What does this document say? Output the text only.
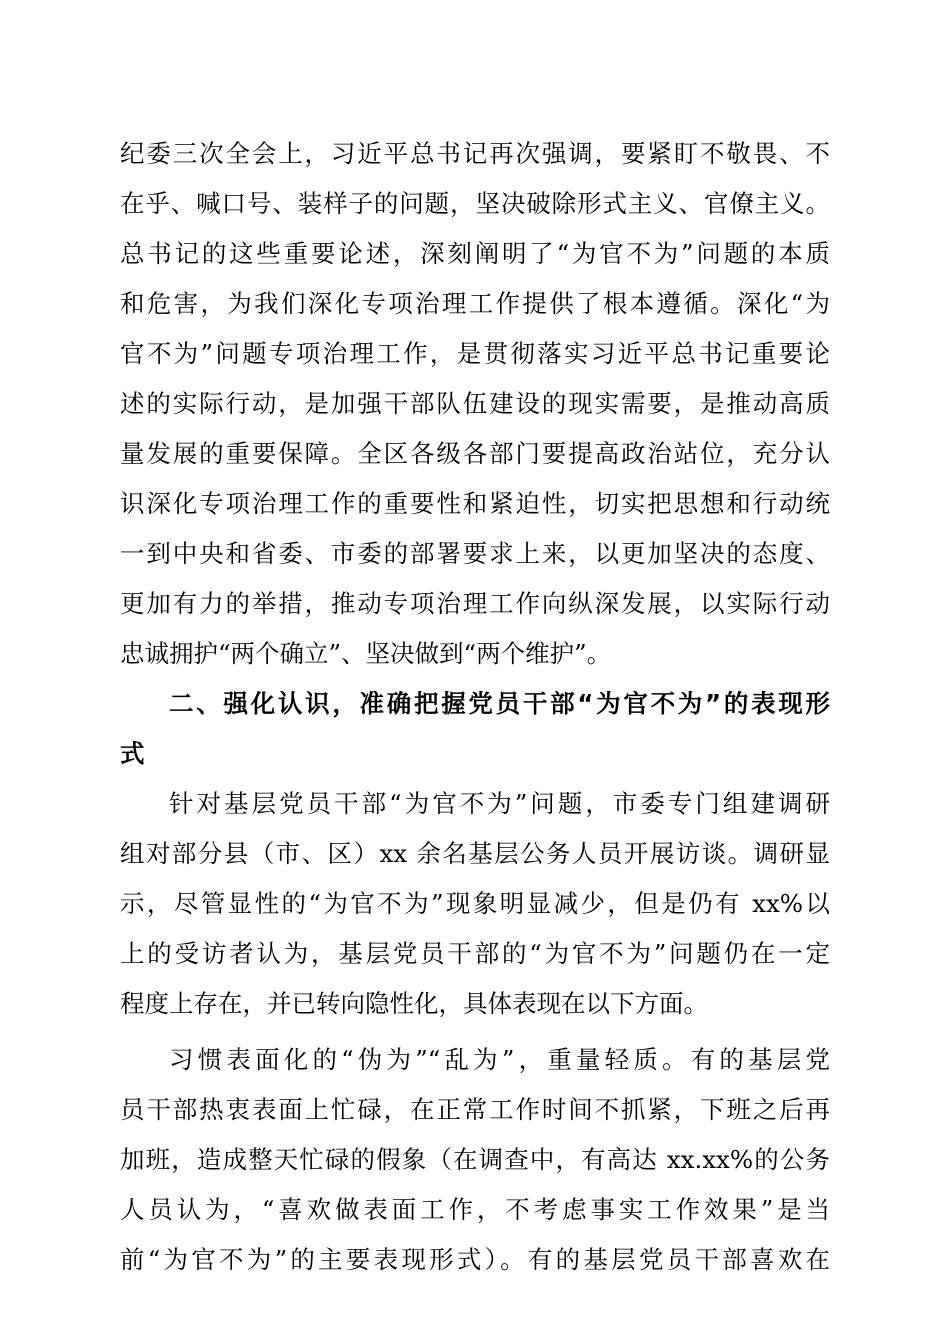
纪委三次全会上，习近平总书记再次强调，要紧盯不敬畏、不
在乎、喊口号、装样子的问题，坚决破除形式主义、官僚主义。
总书记的这些重要论述，深刻阐明了“为官不为”问题的本质
和危害，为我们深化专项治理工作提供了根本遵循。深化“为
官不为”问题专项治理工作，是贯彻落实习近平总书记重要论
述的实际行动，是加强干部队伍建设的现实需要，是推动高质
量发展的重要保障。全区各级各部门要提高政治站位，充分认
识深化专项治理工作的重要性和紧迫性，切实把思想和行动统
一到中央和省委、市委的部署要求上来，以更加坚决的态度、
更加有力的举措，推动专项治理工作向纵深发展，以实际行动
忠诚拥护“两个确立”、坚决做到“两个维护”。
二、强化认识，准确把握党员干部“为官不为”的表现形
式
针对基层党员干部“为官不为”问题，市委专门组建调研
组对部分县（市、区）xx 余名基层公务人员开展访谈。调研显
示，尽管显性的“为官不为”现象明显减少，但是仍有 xx%以
上的受访者认为，基层党员干部的“为官不为”问题仍在一定
程度上存在，并已转向隐性化，具体表现在以下方面。
习惯表面化的“伪为”“乱为”，重量轻质。有的基层党
员干部热衷表面上忙碌，在正常工作时间不抓紧，下班之后再
加班，造成整天忙碌的假象（在调查中，有高达 xx.xx%的公务
人员认为，“喜欢做表面工作，不考虑事实工作效果”是当
前“为官不为”的主要表现形式）。有的基层党员干部喜欢在
